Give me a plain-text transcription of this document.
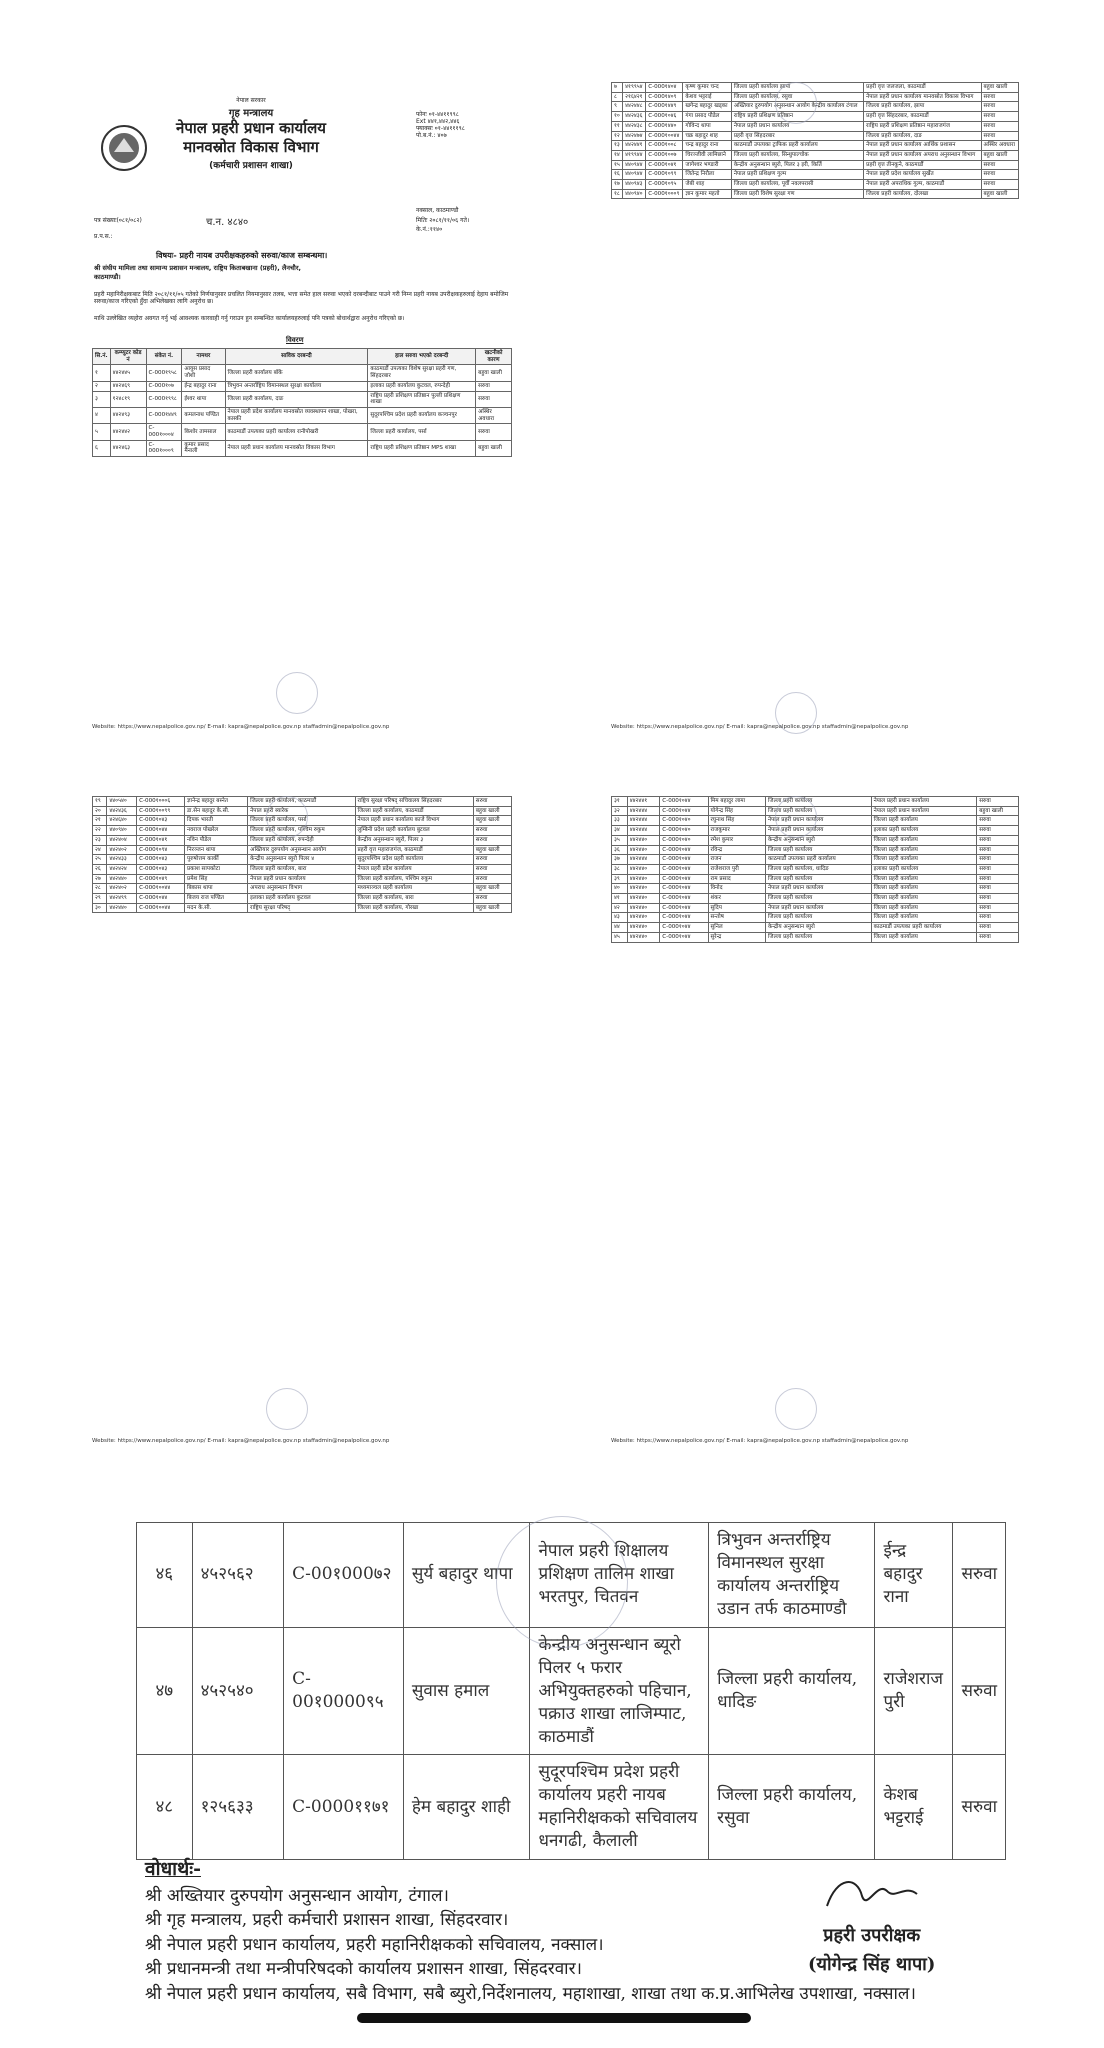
नेपाल सरकार
गृह मन्त्रालय
नेपाल प्रहरी प्रधान कार्यालय
मानवस्रोत विकास विभाग
(कर्मचारी प्रशासन शाखा)
फोनः ०१-४४११९९८
Ext ४४१,४४२,४४६
फ्याक्सः ०१-४४१११९८
पो.ब.नं.: ४०७
पत्र संख्याः(०८१/०८२)	च.न. ४८४०
प्र.प.स.:
नक्साल, काठमाण्डौ
मितिः २०८१/११/०६ गते।
के.नं.:११४०
विषयः- प्रहरी नायब उपरीक्षकहरुको सरुवा/काज सम्बन्धमा।
श्री संघीय मामिला तथा सामान्य प्रशासन मन्त्रालय, राष्ट्रिय किताबखाना (प्रहरी), लैनचौर, काठमाण्डौ।
प्रहरी महानिरीक्षकबाट मिति २०८१/११/०५ गतेको निर्णयानुसार प्रचलित नियमानुसार तलब, भत्ता समेत हाल सरुवा भएको दरबन्दीबाट पाउने गरी निम्न प्रहरी नायब उपरीक्षकहरुलाई देहाय बमोजिम सरुवा/काज गरिएको हुँदा अभिलेखका लागि अनुरोध छ।
माथि उल्लेखित व्यहोरा अवगत गर्नु भई आवश्यक कारवाही गर्नु गराउन हुन सम्बन्धित कार्यालयहरुलाई पनि पत्रको बोधार्थद्वारा अनुरोध गरिएको छ।
विवरण
सि.नं.	कम्प्युटर कोड नं	संकेत नं.	नामथर	साविक दरबन्दी	हाल सरुवा भएको दरबन्दी	खटनीको कारण
१	४४२४४५	C-000१९५८	आयुस प्रसाद जोशी	जिल्ला प्रहरी कार्यालय बाँके	काठमाडौं उपत्यका विशेष सुरक्षा प्रहरी गण, सिंहदरबार	बहुवा खाली
२	४४२४६९	C-000१०७	ईन्द्र बहादुर राना	त्रिभुवन अन्तर्राष्ट्रिय विमानस्थल सुरक्षा कार्यालय	इलाका प्रहरी कार्यालय कुटवल, रुपन्देही	सरुवा
३	१२४८१९	C-000१९९८	ईश्वर थापा	जिल्ला प्रहरी कार्यालय, दाङ	राष्ट्रिय प्रहरी प्रशिक्षण प्रतिष्ठान पुल्ली प्रशिक्षण शाखा	सरुवा
४	४४२४९३	C-000१४४९	कमलनाथ पण्डित	नेपाल प्रहरी प्रदेश कार्यालय मानवस्रोत व्यवस्थापन शाखा, पोखरा, कास्की	सुदूरपश्चिम प्रदेश प्रहरी कार्यालय कञ्चनपुर	अस्थिर अवधारा
५	४४२४४२	C-000१०००४	किशोर तामसाल	काठमाडौं उपत्यका प्रहरी कार्यालय रानीपोखरी	जिल्ला प्रहरी कार्यालय, पर्सा	सरुवा
६	४४२४६३	C-000१०००९	कुमार प्रसाद मैनाली	नेपाल प्रहरी प्रधान कार्यालय मानवस्रोत विकास विभाग	राष्ट्रिय प्रहरी प्रशिक्षण प्रतिष्ठान MPS शाखा	बहुवा खाली
Website: https://www.nepalpolice.gov.np/ E-mail: kapra@nepalpolice.gov.np staffadmin@nepalpolice.gov.np
७	४१९९५४	C-000१४०४	कृष्ण कुमार चन्द	जिल्ला प्रहरी कार्यालय झापा	प्रहरी वृत्त जलजला, काठमाडौं	बहुवा खाली
८	२१६४२१	C-000१४०९	केशव भट्टराई	जिल्ला प्रहरी कार्यालय, रसुवा	नेपाल प्रहरी प्रधान कार्यालय मानवस्रोत विकास विभाग	सरुवा
९	४४२४४८	C-000१४४९	खगेन्द्र बहादुर खड्का	अख्तियार दुरुपयोग अनुसन्धान आयोग केन्द्रीय कार्यालय टंगाल	जिल्ला प्रहरी कार्यालय, झापा	सरुवा
१०	४४२४३६	C-000१०४६	गंगा प्रसाद पौडेल	राष्ट्रिय प्रहरी प्रशिक्षण प्रतिष्ठान	प्रहरी वृत्त सिंहदरबार, काठमाडौं	सरुवा
११	४४२४३८	C-000१४४०	गोविन्द थापा	नेपाल प्रहरी प्रधान कार्यालय	राष्ट्रिय प्रहरी प्रशिक्षण प्रतिष्ठान महाराजगंज	सरुवा
१२	४४२४७४	C-000१००४४	चक्र बहादुर शाह	प्रहरी वृत्त सिंहदरबार	जिल्ला प्रहरी कार्यालय, दाङ	सरुवा
१३	४४२४४१	C-000१००८	चन्द्र बहादुर राना	काठमाडौं उपत्यका ट्राफिक प्रहरी कार्यालय	नेपाल प्रहरी प्रधान कार्यालय आर्थिक प्रशासन	अस्थिर अवधारा
१४	४१९९४४	C-000१००७	चिरञ्जीवी लामिछाने	जिल्ला प्रहरी कार्यालय, सिन्धुपाल्चोक	नेपाल प्रहरी प्रधान कार्यालय अपराध अनुसन्धान विभाग	बहुवा खाली
१५	४४०९४४	C-000१०४१	जागेश्वर भण्डारी	केन्द्रीय अनुसन्धान ब्युरो, पिलर ३ इरी, किर्ति	प्रहरी वृत्त तीनकुने, काठमाडौं	सरुवा
१६	४४०९४४	C-000१०९९	जितेन्द्र निरौला	नेपाल प्रहरी प्रशिक्षण गुल्म	नेपाल प्रहरी प्रदेश कार्यालय सुर्खेत	सरुवा
१७	४४०९४३	C-000१०९५	जेबी शाह	जिल्ला प्रहरी कार्यालय, पूर्वी नवलपरासी	नेपाल प्रहरी अपराधिक गुल्म, काठमाडौं	सरुवा
१८	४४०९४०	C-000१०००९	ज्ञान कुमार महतो	जिल्ला प्रहरी विशेष सुरक्षा गण	जिल्ला प्रहरी कार्यालय, दोलखा	बहुवा खाली
Website: https://www.nepalpolice.gov.np/ E-mail: kapra@nepalpolice.gov.np staffadmin@nepalpolice.gov.np
१९	४४०५४०	C-000१०००६	ज्ञानेन्द्र बहादुर बस्नेत	जिल्ला प्रहरी कार्यालय, काठमाडौं	राष्ट्रिय सुरक्षा परिषद् सचिवालय सिंहदरबार	सरुवा
२०	४४२४३६	C-000१००९९	डा.सेन बहादुर के.सी.	नेपाल प्रहरी ब्यारेक	जिल्ला प्रहरी कार्यालय, काठमाडौं	बहुवा खाली
२१	४२४६४०	C-000१०४३	दिपक भारती	जिल्ला प्रहरी कार्यालय, पर्सा	नेपाल प्रहरी प्रधान कार्यालय काजे विभाग	बहुवा खाली
२२	४४०९४०	C-000१०४४	नवराज पोखरेल	जिल्ला प्रहरी कार्यालय, पश्चिम रुकुम	लुम्बिनी प्रदेश प्रहरी कार्यालय बुटवल	सरुवा
२३	४४२४०४	C-000१०४१	नविन पौडेल	जिल्ला प्रहरी कार्यालय, रुपन्देही	केन्द्रीय अनुसन्धान ब्युरो, पिलर ३	सरुवा
२४	४४२४०२	C-000१०९४	निरञ्जन थापा	अख्तियार दुरुपयोग अनुसन्धान आयोग	प्रहरी वृत्त महाराजगंज, काठमाडौं	बहुवा खाली
२५	४४२४३३	C-000१०४३	पुरुषोत्तम कार्की	केन्द्रीय अनुसन्धान ब्युरो पिलर ४	सुदूरपश्चिम प्रदेश प्रहरी कार्यालय	सरुवा
२६	४४२४२४	C-000१०४३	प्रकाश सापकोटा	जिल्ला प्रहरी कार्यालय, बारा	नेपाल प्रहरी प्रदेश कार्यालय	सरुवा
२७	४४२४४०	C-000१०४९	प्रमेश सिंह	नेपाल प्रहरी प्रधान कार्यालय	जिल्ला प्रहरी कार्यालय, पश्चिम रुकुम	सरुवा
२८	४४२४०२	C-000१००४४	बिकास थापा	अपराध अनुसन्धान विभाग	मध्यमाञ्चल प्रहरी कार्यालय	बहुवा खाली
२९	४४२४९९	C-000१०४४	बिजय राज पण्डित	इलाका प्रहरी कार्यालय कुटवल	जिल्ला प्रहरी कार्यालय, बारा	सरुवा
३०	४४२४४०	C-000१००४४	मदन के.सी.	राष्ट्रिय सुरक्षा परिषद्	जिल्ला प्रहरी कार्यालय, गोरखा	बहुवा खाली
Website: https://www.nepalpolice.gov.np/ E-mail: kapra@nepalpolice.gov.np staffadmin@nepalpolice.gov.np
३१	४४२४४१	C-000१०४४	मिम बहादुर लामा	जिल्ला प्रहरी कार्यालय	नेपाल प्रहरी प्रधान कार्यालय	सरुवा
३२	४४२४४४	C-000१०४४	योगेन्द्र सिंह	जिल्ला प्रहरी कार्यालय	नेपाल प्रहरी प्रधान कार्यालय	बहुवा खाली
३३	४४२४४४	C-000१०४०	रघुनाथ सिंह	नेपाल प्रहरी प्रधान कार्यालय	जिल्ला प्रहरी कार्यालय	सरुवा
३४	४४२४४४	C-000१०४०	राजकुमार	नेपाल प्रहरी प्रधान कार्यालय	इलाका प्रहरी कार्यालय	सरुवा
३५	४४२४४०	C-000१०४०	रमेश कुमार	केन्द्रीय अनुसन्धान ब्युरो	जिल्ला प्रहरी कार्यालय	सरुवा
३६	४४२४४०	C-000१०४४	रविन्द्र	जिल्ला प्रहरी कार्यालय	जिल्ला प्रहरी कार्यालय	सरुवा
३७	४४२४४४	C-000१०४४	राजन	काठमाडौं उपत्यका प्रहरी कार्यालय	जिल्ला प्रहरी कार्यालय	सरुवा
३८	४४२४४०	C-000१०४४	राजेशराज पुरी	जिल्ला प्रहरी कार्यालय, धादिङ	इलाका प्रहरी कार्यालय	सरुवा
३९	४४२४४०	C-000१०४४	राम प्रसाद	जिल्ला प्रहरी कार्यालय	जिल्ला प्रहरी कार्यालय	सरुवा
४०	४४२४४०	C-000१०४४	विनोद	नेपाल प्रहरी प्रधान कार्यालय	जिल्ला प्रहरी कार्यालय	सरुवा
४१	४४२४४०	C-000१०४४	शंकर	जिल्ला प्रहरी कार्यालय	जिल्ला प्रहरी कार्यालय	सरुवा
४२	४४२४४०	C-000१०४४	सुदिप	नेपाल प्रहरी प्रधान कार्यालय	जिल्ला प्रहरी कार्यालय	सरुवा
४३	४४२४४०	C-000१०४४	सन्तोष	जिल्ला प्रहरी कार्यालय	जिल्ला प्रहरी कार्यालय	सरुवा
४४	४४२४४०	C-000१०४४	सुनिल	केन्द्रीय अनुसन्धान ब्युरो	काठमाडौं उपत्यका प्रहरी कार्यालय	सरुवा
४५	४४२४४०	C-000१०४४	सुरेन्द्र	जिल्ला प्रहरी कार्यालय	जिल्ला प्रहरी कार्यालय	सरुवा
Website: https://www.nepalpolice.gov.np/ E-mail: kapra@nepalpolice.gov.np staffadmin@nepalpolice.gov.np
४६	४५२५६२	C-00१000७२	सुर्य बहादुर थापा	नेपाल प्रहरी शिक्षालय प्रशिक्षण तालिम शाखा भरतपुर, चितवन	त्रिभुवन अन्तर्राष्ट्रिय विमानस्थल सुरक्षा कार्यालय अन्तर्राष्ट्रिय उडान तर्फ काठमाण्डौ	ईन्द्र बहादुर राना	सरुवा
४७	४५२५४०	C-00१0000९५	सुवास हमाल	केन्द्रीय अनुसन्धान ब्यूरो पिलर ५ फरार अभियुक्तहरुको पहिचान, पक्राउ शाखा लाजिम्पाट, काठमाडौं	जिल्ला प्रहरी कार्यालय, धादिङ	राजेशराज पुरी	सरुवा
४८	१२५६३३	C-0000११७१	हेम बहादुर शाही	सुदूरपश्चिम प्रदेश प्रहरी कार्यालय प्रहरी नायब महानिरीक्षकको सचिवालय धनगढी, कैलाली	जिल्ला प्रहरी कार्यालय, रसुवा	केशब भट्टराई	सरुवा
वोधार्थः-
श्री अख्तियार दुरुपयोग अनुसन्धान आयोग, टंगाल।
श्री गृह मन्त्रालय, प्रहरी कर्मचारी प्रशासन शाखा, सिंहदरवार।
श्री नेपाल प्रहरी प्रधान कार्यालय, प्रहरी महानिरीक्षकको सचिवालय, नक्साल।
श्री प्रधानमन्त्री तथा मन्त्रीपरिषदको कार्यालय प्रशासन शाखा, सिंहदरवार।
श्री नेपाल प्रहरी प्रधान कार्यालय, सबै विभाग, सबै ब्युरो,निर्देशनालय, महाशाखा, शाखा तथा क.प्र.आभिलेख उपशाखा, नक्साल।
प्रहरी उपरीक्षक
(योगेन्द्र सिंह थापा)
